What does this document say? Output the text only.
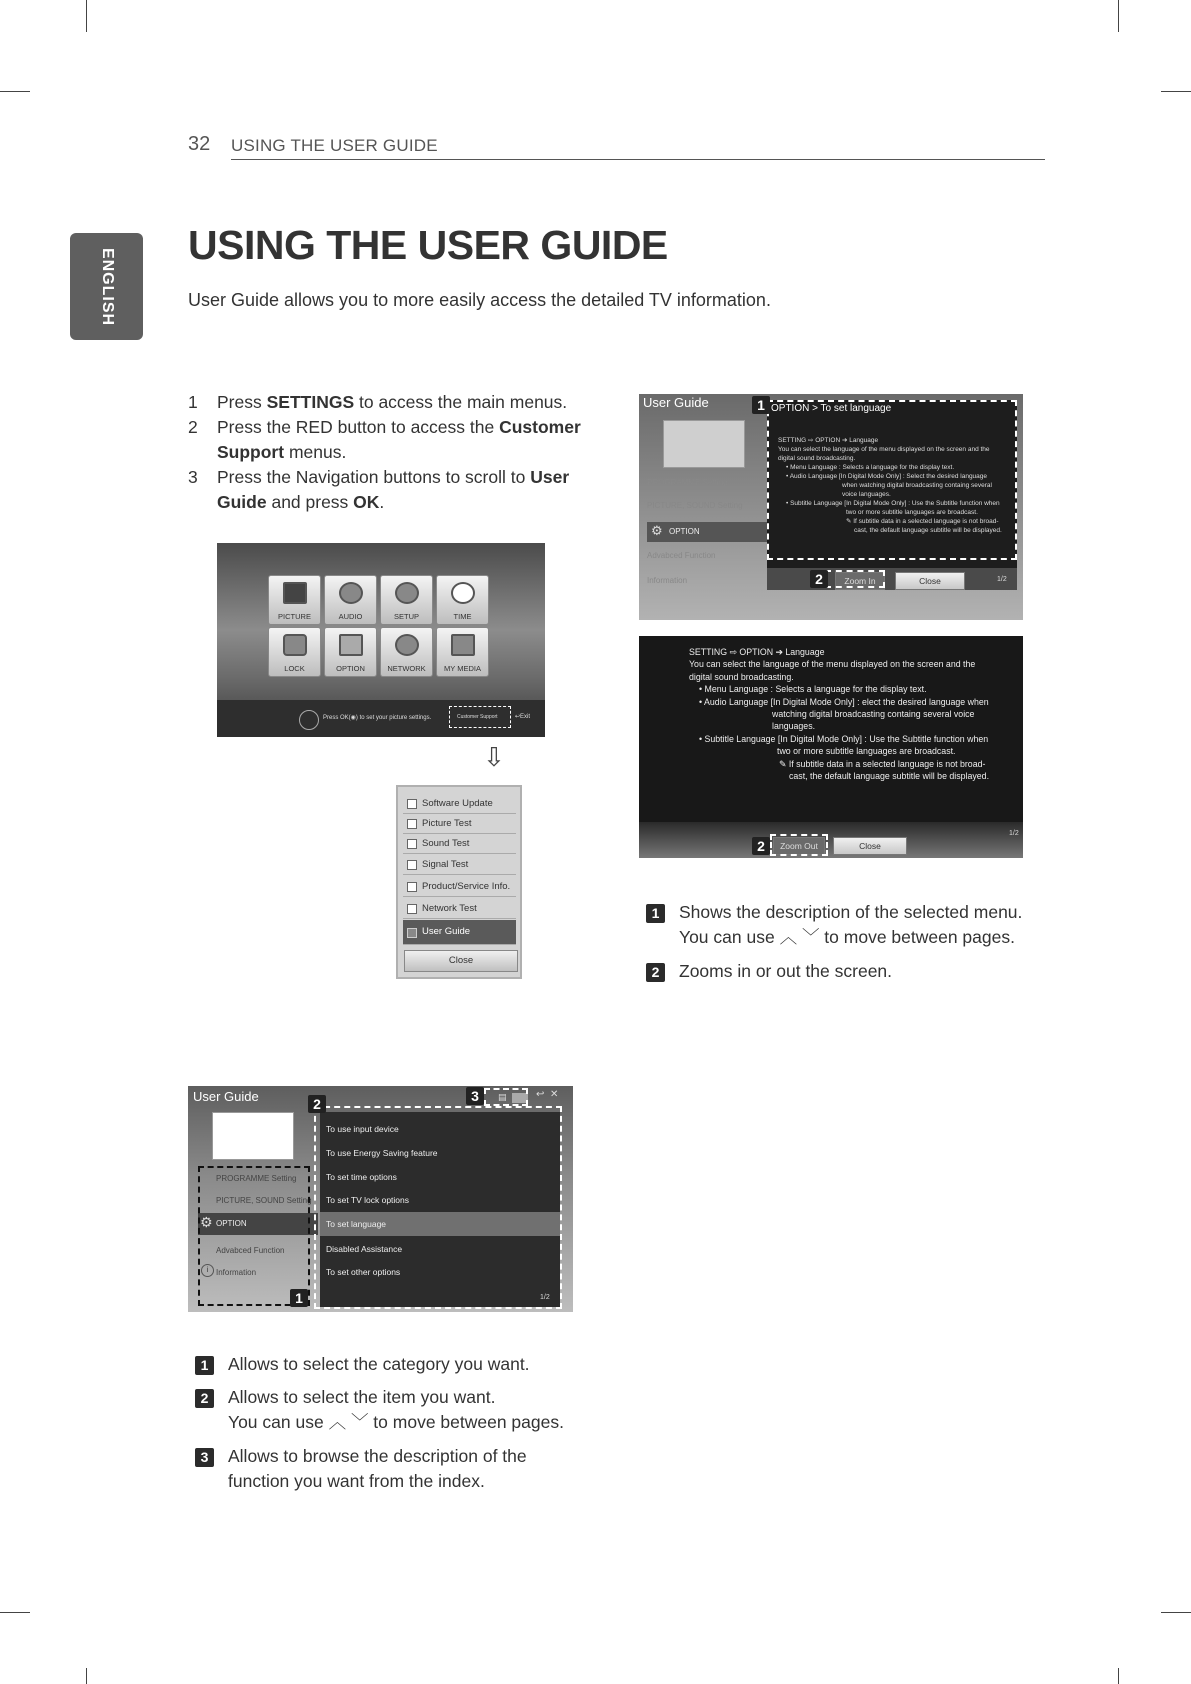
32 USING THE USER GUIDE
ENGLISH
USING THE USER GUIDE
User Guide allows you to more easily access the detailed TV information.
1	Press SETTINGS to access the main menus.
2	Press the RED button to access the Customer Support menus.
3	Press the Navigation buttons to scroll to User Guide and press OK.
PICTURE	AUDIO	SETUP	TIME
LOCK	OPTION	NETWORK	MY MEDIA
Press OK(◉) to set your picture settings.	Customer Support	↩Exit
⇩
Software Update
Picture Test
Sound Test
Signal Test
Product/Service Info.
Network Test
User Guide
Close
User Guide
PROGRAMME Setting
PICTURE, SOUND Setting
⚙ OPTION
Advabced Function
Information
OPTION > To set language
SETTING ⇨ OPTION ➔ Language
You can select the language of the menu displayed on the screen and the
digital sound broadcasting.
• Menu Language : Selects a language for the display text.
• Audio Language [In Digital Mode Only] : Select the desired language
when watching digital broadcasting containg several
voice languages.
• Subtitle Language [In Digital Mode Only] : Use the Subtitle function when
two or more subtitle languages are broadcast.
✎ If subtitle data in a selected language is not broad-
cast, the default language subtitle will be displayed.
Zoom In	Close	1/2
1
2
SETTING ⇨ OPTION ➔ Language
You can select the language of the menu displayed on the screen and the
digital sound broadcasting.
• Menu Language : Selects a language for the display text.
• Audio Language [In Digital Mode Only] : elect the desired language when
watching digital broadcasting containg several voice
languages.
• Subtitle Language [In Digital Mode Only] : Use the Subtitle function when
two or more subtitle languages are broadcast.
✎ If subtitle data in a selected language is not broad-
cast, the default language subtitle will be displayed.
Zoom Out	Close
1/2
2
1	Shows the description of the selected menu.
You can use ︿ ﹀ to move between pages.
2	Zooms in or out the screen.
User Guide
PROGRAMME Setting
PICTURE, SOUND Setting
⚙ OPTION
Advabced Function
Information
i
To use input device
To use Energy Saving feature
To set time options
To set TV lock options
To set language
Disabled Assistance
To set other options
1/2
▤	↩ ✕
2	3
1
1	Allows to select the category you want.
2	Allows to select the item you want.
You can use ︿ ﹀ to move between pages.
3	Allows to browse the description of the
function you want from the index.
